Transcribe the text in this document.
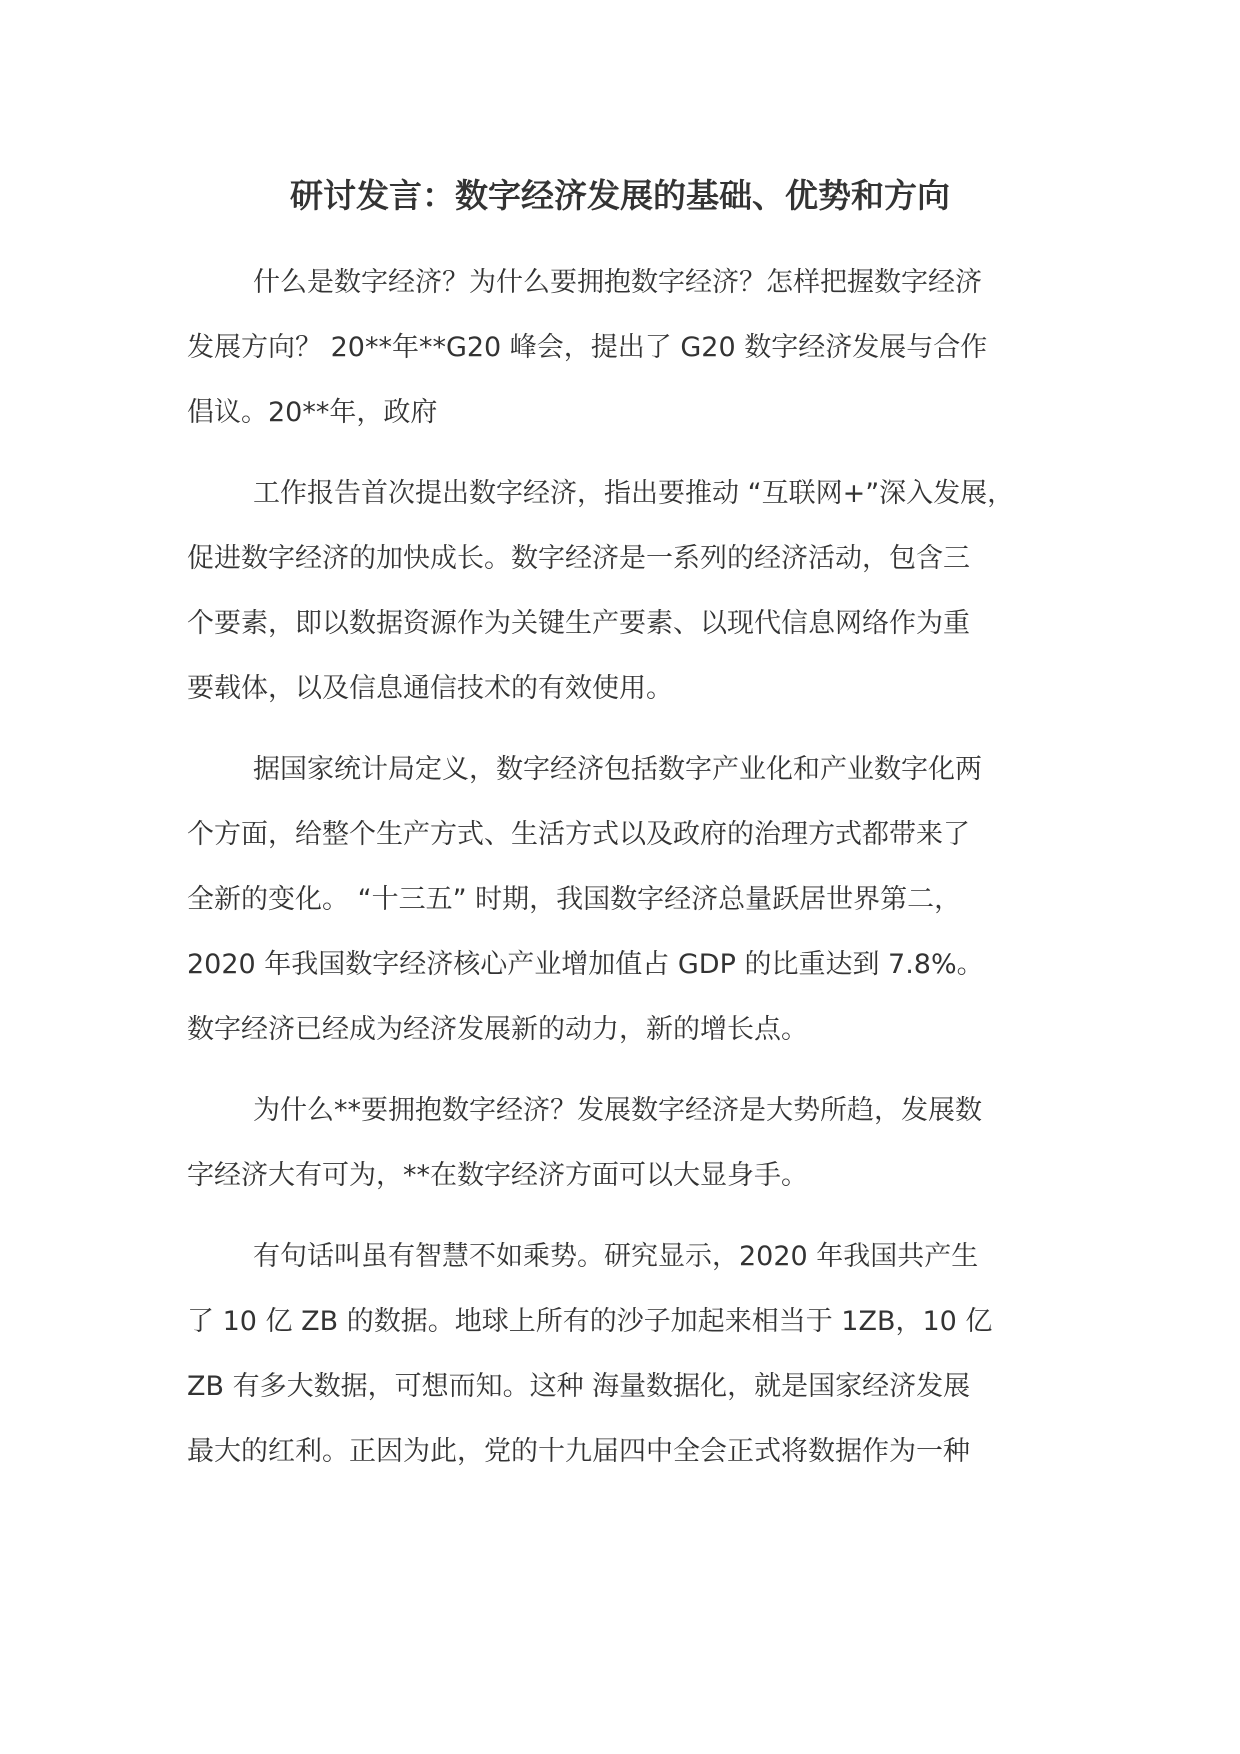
研讨发言：数字经济发展的基础、优势和方向

什么是数字经济？为什么要拥抱数字经济？怎样把握数字经济
发展方向？ 20**年**G20 峰会，提出了 G20 数字经济发展与合作
倡议。20**年，政府

工作报告首次提出数字经济，指出要推动 “互联网+”深入发展，
促进数字经济的加快成长。数字经济是一系列的经济活动，包含三
个要素，即以数据资源作为关键生产要素、以现代信息网络作为重
要载体，以及信息通信技术的有效使用。

据国家统计局定义，数字经济包括数字产业化和产业数字化两
个方面，给整个生产方式、生活方式以及政府的治理方式都带来了
全新的变化。 “十三五” 时期，我国数字经济总量跃居世界第二，
2020 年我国数字经济核心产业增加值占 GDP 的比重达到 7.8%。
数字经济已经成为经济发展新的动力，新的增长点。

为什么**要拥抱数字经济？发展数字经济是大势所趋，发展数
字经济大有可为，**在数字经济方面可以大显身手。

有句话叫虽有智慧不如乘势。研究显示，2020 年我国共产生
了 10 亿 ZB 的数据。地球上所有的沙子加起来相当于 1ZB，10 亿
ZB 有多大数据，可想而知。这种 海量数据化，就是国家经济发展
最大的红利。正因为此，党的十九届四中全会正式将数据作为一种
